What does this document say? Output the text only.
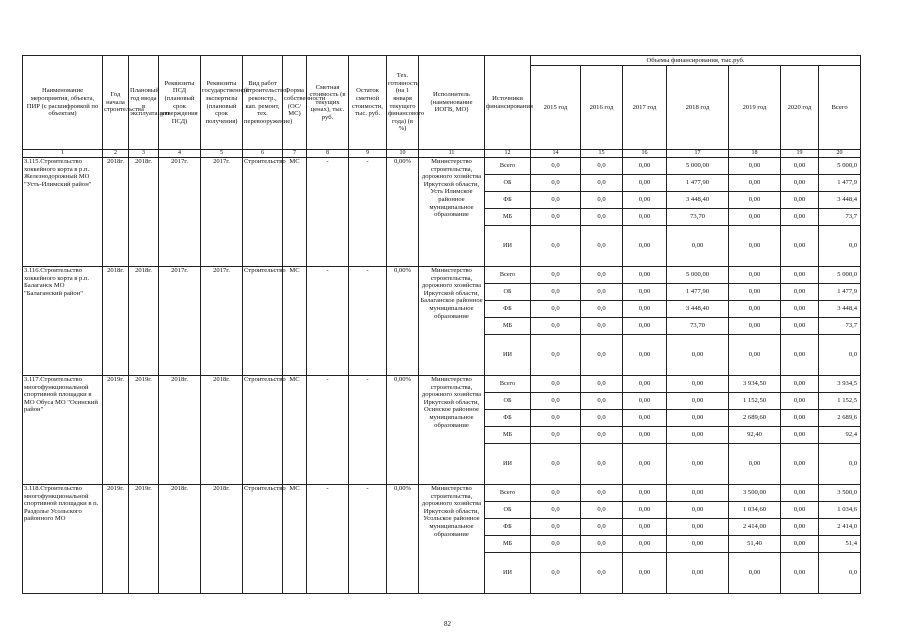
Наименование мероприятия, объекта, ПИР (с расшифровкой по объектам)	Год начала строительства	Плановый год ввода в эксплуатацию	Реквизиты ПСД (плановый срок утверждения ПСД)	Реквизиты государственной экспертизы (плановый срок получения)	Вид работ (строительство, реконстр., кап. ремонт, тех. перевооружение)	Форма собственности (ОС/МС)	Сметная стоимость (в текущих ценах), тыс. руб.	Остаток сметной стоимости, тыс. руб.	Тех. готовность (на 1 января текущего финансового года) (в %)	Исполнитель (наименование ИОГВ, МО)	Источники финансирования	Объемы финансирования, тыс.руб.						
												2015 год	2016 год	2017 год	2018 год	2019 год	2020 год	Всего
1	2	3	4	5	6	7	8	9	10	11	12	14	15	16	17	18	19	20
3.115.Строительство хоккейного корта в р.п. Железнодорожный МО "Усть-Илимский район"	2018г.	2018г.	2017г.	2017г.	Строительство	МС	-	-	0,00%	Министерство строительства, дорожного хозяйства Иркутской области, Усть Илимское районное муниципальное образование	Всего	0,0	0,0	0,00	5 000,00	0,00	0,00	5 000,0
											ОБ	0,0	0,0	0,00	1 477,90	0,00	0,00	1 477,9
											ФБ	0,0	0,0	0,00	3 448,40	0,00	0,00	3 448,4
											МБ	0,0	0,0	0,00	73,70	0,00	0,00	73,7
											ИИ	0,0	0,0	0,00	0,00	0,00	0,00	0,0
3.116.Строительство хоккейного корта в р.п. Балаганск МО "Балаганский район"	2018г.	2018г.	2017г.	2017г.	Строительство	МС	-	-	0,00%	Министерство строительства, дорожного хозяйства Иркутской области, Балаганское районное муниципальное образование	Всего	0,0	0,0	0,00	5 000,00	0,00	0,00	5 000,0
											ОБ	0,0	0,0	0,00	1 477,90	0,00	0,00	1 477,9
											ФБ	0,0	0,0	0,00	3 448,40	0,00	0,00	3 448,4
											МБ	0,0	0,0	0,00	73,70	0,00	0,00	73,7
											ИИ	0,0	0,0	0,00	0,00	0,00	0,00	0,0
3.117.Строительство многофункциональной спортивной площадки в МО Обуса МО "Осинский район"	2019г.	2019г.	2018г.	2018г.	Строительство	МС	-	-	0,00%	Министерство строительства, дорожного хозяйства Иркутской области, Осинское районное муниципальное образование	Всего	0,0	0,0	0,00	0,00	3 934,50	0,00	3 934,5
											ОБ	0,0	0,0	0,00	0,00	1 152,50	0,00	1 152,5
											ФБ	0,0	0,0	0,00	0,00	2 689,60	0,00	2 689,6
											МБ	0,0	0,0	0,00	0,00	92,40	0,00	92,4
											ИИ	0,0	0,0	0,00	0,00	0,00	0,00	0,0
3.118.Строительство многофункциональной спортивной площадки в п. Раздолье Усольского районного МО	2019г.	2019г.	2018г.	2018г.	Строительство	МС	-	-	0,00%	Министерство строительства, дорожного хозяйства Иркутской области, Усольское районное муниципальное образование	Всего	0,0	0,0	0,00	0,00	3 500,00	0,00	3 500,0
											ОБ	0,0	0,0	0,00	0,00	1 034,60	0,00	1 034,6
											ФБ	0,0	0,0	0,00	0,00	2 414,00	0,00	2 414,0
											МБ	0,0	0,0	0,00	0,00	51,40	0,00	51,4
											ИИ	0,0	0,0	0,00	0,00	0,00	0,00	0,0
82
